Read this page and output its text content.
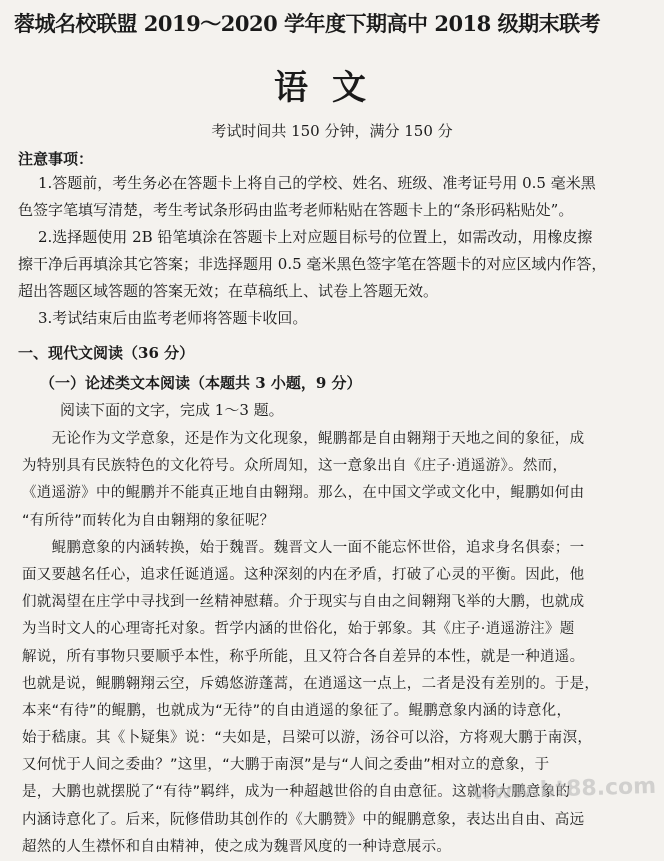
蓉城名校联盟 2019～2020 学年度下期高中 2018 级期末联考
语文
考试时间共 150 分钟，满分 150 分
注意事项：
1.答题前，考生务必在答题卡上将自己的学校、姓名、班级、准考证号用 0.5 毫米黑
色签字笔填写清楚，考生考试条形码由监考老师粘贴在答题卡上的“条形码粘贴处”。
2.选择题使用 2B 铅笔填涂在答题卡上对应题目标号的位置上，如需改动，用橡皮擦
擦干净后再填涂其它答案；非选择题用 0.5 毫米黑色签字笔在答题卡的对应区域内作答，
超出答题区域答题的答案无效；在草稿纸上、试卷上答题无效。
3.考试结束后由监考老师将答题卡收回。
一、现代文阅读（36 分）
（一）论述类文本阅读（本题共 3 小题，9 分）
阅读下面的文字，完成 1～3 题。
　　无论作为文学意象，还是作为文化现象，鲲鹏都是自由翱翔于天地之间的象征，成
为特别具有民族特色的文化符号。众所周知，这一意象出自《庄子·逍遥游》。然而，
《逍遥游》中的鲲鹏并不能真正地自由翱翔。那么，在中国文学或文化中，鲲鹏如何由
“有所待”而转化为自由翱翔的象征呢？
　　鲲鹏意象的内涵转换，始于魏晋。魏晋文人一面不能忘怀世俗，追求身名俱泰；一
面又要越名任心，追求任诞逍遥。这种深刻的内在矛盾，打破了心灵的平衡。因此，他
们就渴望在庄学中寻找到一丝精神慰藉。介于现实与自由之间翱翔飞举的大鹏，也就成
为当时文人的心理寄托对象。哲学内涵的世俗化，始于郭象。其《庄子·逍遥游注》题
解说，所有事物只要顺乎本性，称乎所能，且又符合各自差异的本性，就是一种逍遥。
也就是说，鲲鹏翱翔云空，斥鴳悠游蓬蒿，在逍遥这一点上，二者是没有差别的。于是，
本来“有待”的鲲鹏，也就成为“无待”的自由逍遥的象征了。鲲鹏意象内涵的诗意化，
始于嵇康。其《卜疑集》说：“夫如是，吕梁可以游，汤谷可以浴，方将观大鹏于南溟，
又何忧于人间之委曲？”这里，“大鹏于南溟”是与“人间之委曲”相对立的意象，于
是，大鹏也就摆脱了“有待”羁绊，成为一种超越世俗的自由意征。这就将大鹏意象的
内涵诗意化了。后来，阮修借助其创作的《大鹏赞》中的鲲鹏意象，表达出自由、高远
超然的人生襟怀和自由精神，使之成为魏晋风度的一种诗意展示。
www.ht88.com
